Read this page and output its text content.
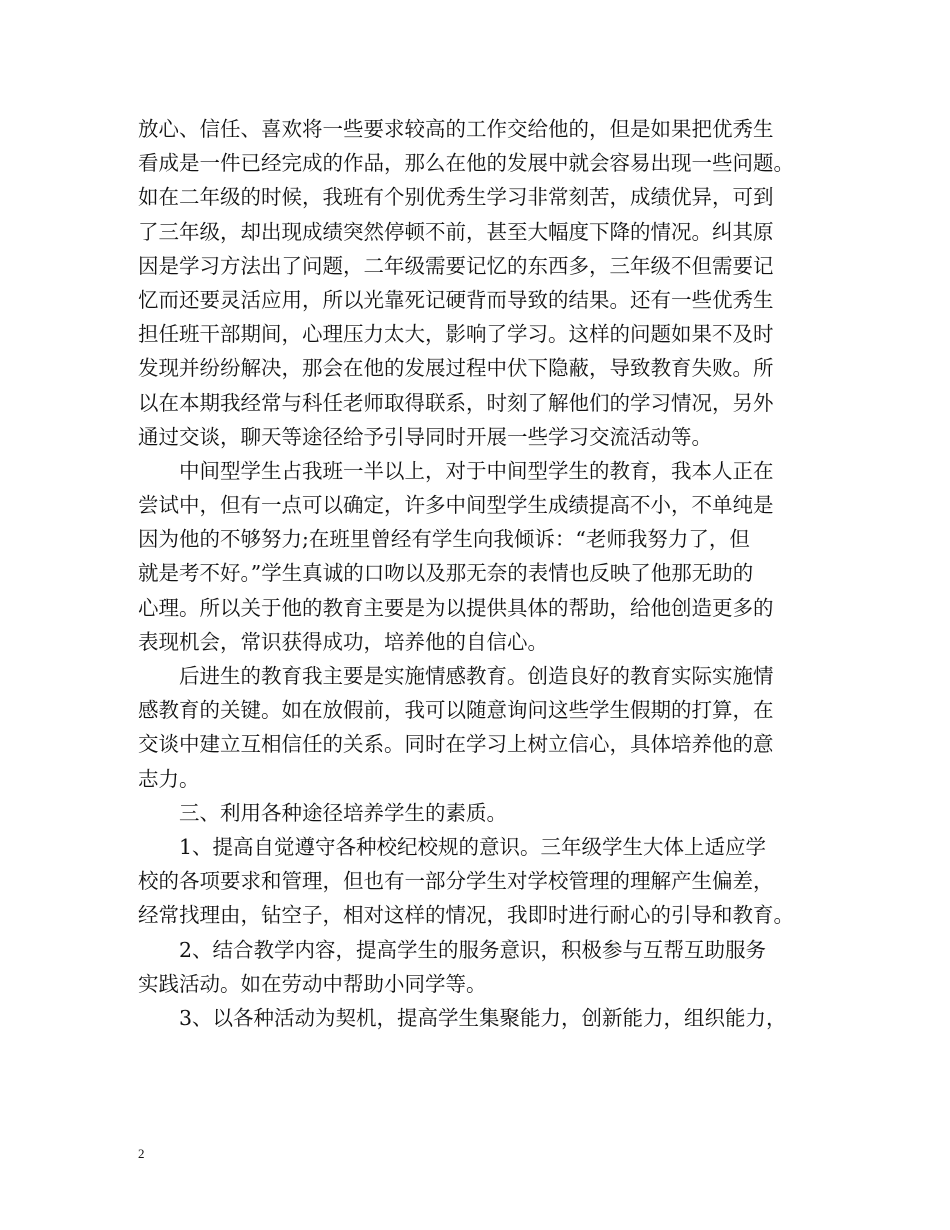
放心、信任、喜欢将一些要求较高的工作交给他的，但是如果把优秀生
看成是一件已经完成的作品，那么在他的发展中就会容易出现一些问题。
如在二年级的时候，我班有个别优秀生学习非常刻苦，成绩优异，可到
了三年级，却出现成绩突然停顿不前，甚至大幅度下降的情况。纠其原
因是学习方法出了问题，二年级需要记忆的东西多，三年级不但需要记
忆而还要灵活应用，所以光靠死记硬背而导致的结果。还有一些优秀生
担任班干部期间，心理压力太大，影响了学习。这样的问题如果不及时
发现并纷纷解决，那会在他的发展过程中伏下隐蔽，导致教育失败。所
以在本期我经常与科任老师取得联系，时刻了解他们的学习情况，另外
通过交谈，聊天等途径给予引导同时开展一些学习交流活动等。
　　中间型学生占我班一半以上，对于中间型学生的教育，我本人正在
尝试中，但有一点可以确定，许多中间型学生成绩提高不小，不单纯是
因为他的不够努力;在班里曾经有学生向我倾诉：“老师我努力了，但
就是考不好。”学生真诚的口吻以及那无奈的表情也反映了他那无助的
心理。所以关于他的教育主要是为以提供具体的帮助，给他创造更多的
表现机会，常识获得成功，培养他的自信心。
　　后进生的教育我主要是实施情感教育。创造良好的教育实际实施情
感教育的关键。如在放假前，我可以随意询问这些学生假期的打算，在
交谈中建立互相信任的关系。同时在学习上树立信心，具体培养他的意
志力。
　　三、利用各种途径培养学生的素质。
　　1、提高自觉遵守各种校纪校规的意识。三年级学生大体上适应学
校的各项要求和管理，但也有一部分学生对学校管理的理解产生偏差，
经常找理由，钻空子，相对这样的情况，我即时进行耐心的引导和教育。
　　2、结合教学内容，提高学生的服务意识，积极参与互帮互助服务
实践活动。如在劳动中帮助小同学等。
　　3、以各种活动为契机，提高学生集聚能力，创新能力，组织能力，
2
